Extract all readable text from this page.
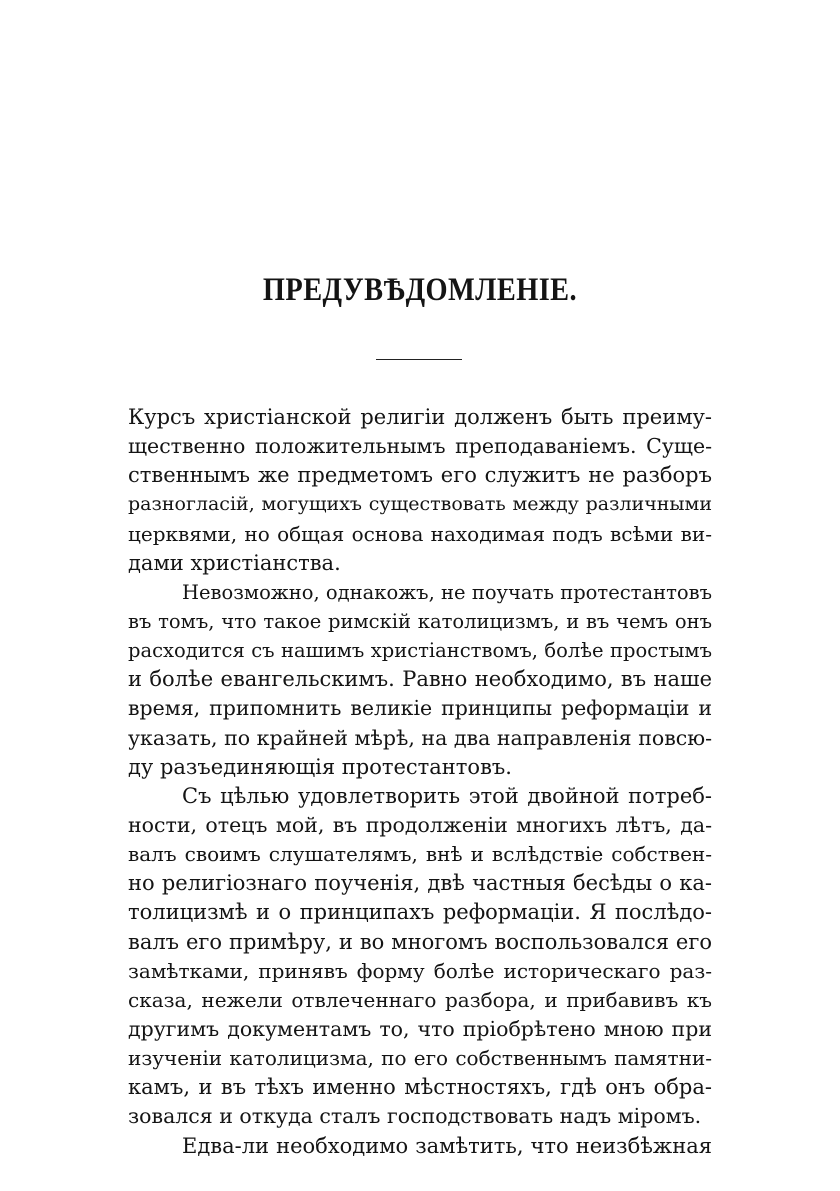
ПРЕДУВѢДОМЛЕНІЕ.
Курсъ христіанской религіи долженъ быть преиму-
щественно положительнымъ преподаваніемъ. Суще-
ственнымъ же предметомъ его служитъ не разборъ
разногласій, могущихъ существовать между различными
церквями, но общая основа находимая подъ всѣми ви-
дами христіанства.
Невозможно, однакожъ, не поучать протестантовъ
въ томъ, что такое римскій католицизмъ, и въ чемъ онъ
расходится съ нашимъ христіанствомъ, болѣе простымъ
и болѣе евангельскимъ. Равно необходимо, въ наше
время, припомнить великіе принципы реформаціи и
указать, по крайней мѣрѣ, на два направленія повсю-
ду разъединяющія протестантовъ.
Съ цѣлью удовлетворить этой двойной потреб-
ности, отецъ мой, въ продолженіи многихъ лѣтъ, да-
валъ своимъ слушателямъ, внѣ и вслѣдствіе собствен-
но религіознаго поученія, двѣ частныя бесѣды о ка-
толицизмѣ и о принципахъ реформаціи. Я послѣдо-
валъ его примѣру, и во многомъ воспользовался его
замѣтками, принявъ форму болѣе историческаго раз-
сказа, нежели отвлеченнаго разбора, и прибавивъ къ
другимъ документамъ то, что пріобрѣтено мною при
изученіи католицизма, по его собственнымъ памятни-
камъ, и въ тѣхъ именно мѣстностяхъ, гдѣ онъ обра-
зовался и откуда сталъ господствовать надъ міромъ.
Едва-ли необходимо замѣтить, что неизбѣжная
